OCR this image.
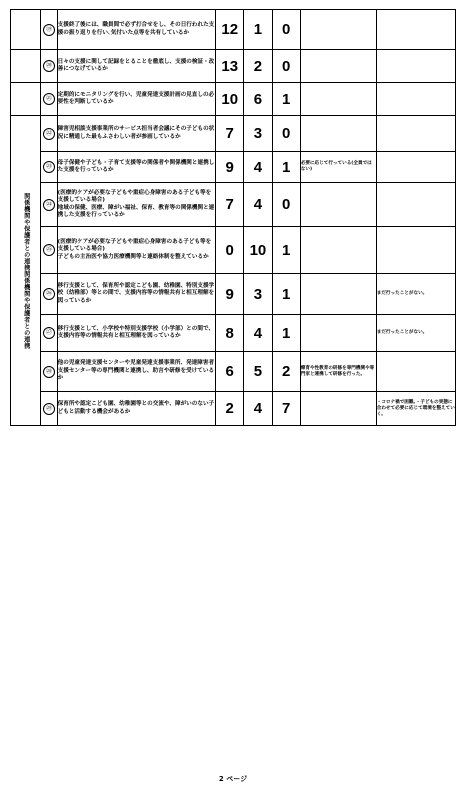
	⑲	支援終了後には、職員間で必ず打合せをし、その日行われた支援の振り返りを行い､気付いた点等を共有しているか	12	1	0		
	⑳	日々の支援に関して記録をとることを徹底し、支援の検証・改善につなげているか	13	2	0		
	㉑	定期的にモニタリングを行い、児童発達支援計画の見直しの必要性を判断しているか	10	6	1		

関係機関や保護者との連携関係機関や保護者との連携	㉒	障害児相談支援事業所のサービス担当者会議にその子どもの状況に精通した最もふさわしい者が参画しているか	7	3	0		
	㉓	母子保健や子ども・子育て支援等の関係者や関係機関と連携した支援を行っているか	9	4	1	必要に応じて行っている(全員ではない)	
	㉔	(医療的ケアが必要な子どもや重症心身障害のある子ども等を支援している場合)
地域の保健、医療、障がい福祉、保育、教育等の関係機関と連携した支援を行っているか	7	4	0		
	㉕	(医療的ケアが必要な子どもや重症心身障害のある子ども等を支援している場合)
子どもの主治医や協力医療機関等と連絡体制を整えているか	0	10	1		
	㉖	移行支援として、保育所や認定こども園、幼稚園、特別支援学校（幼稚部）等との間で、支援内容等の情報共有と相互理解を図っているか	9	3	1		まだ行ったことがない。
	㉗	移行支援として、小学校や特別支援学校（小学部）との間で、支援内容等の情報共有と相互理解を図っているか	8	4	1		まだ行ったことがない。
	㉘	他の児童発達支援センターや児童発達支援事業所、発達障害者支援センター等の専門機関と連携し、助言や研修を受けているか	6	5	2	療育や性教育の研修を専門機関や専門家と連携して研修を行った。	
	㉙	保育所や認定こども園、幼稚園等との交流や、障がいのない子どもと活動する機会があるか	2	4	7		・コロナ禍で困難。・子どもの実態に合わせて必要に応じて環境を整えていく。
2 ページ
